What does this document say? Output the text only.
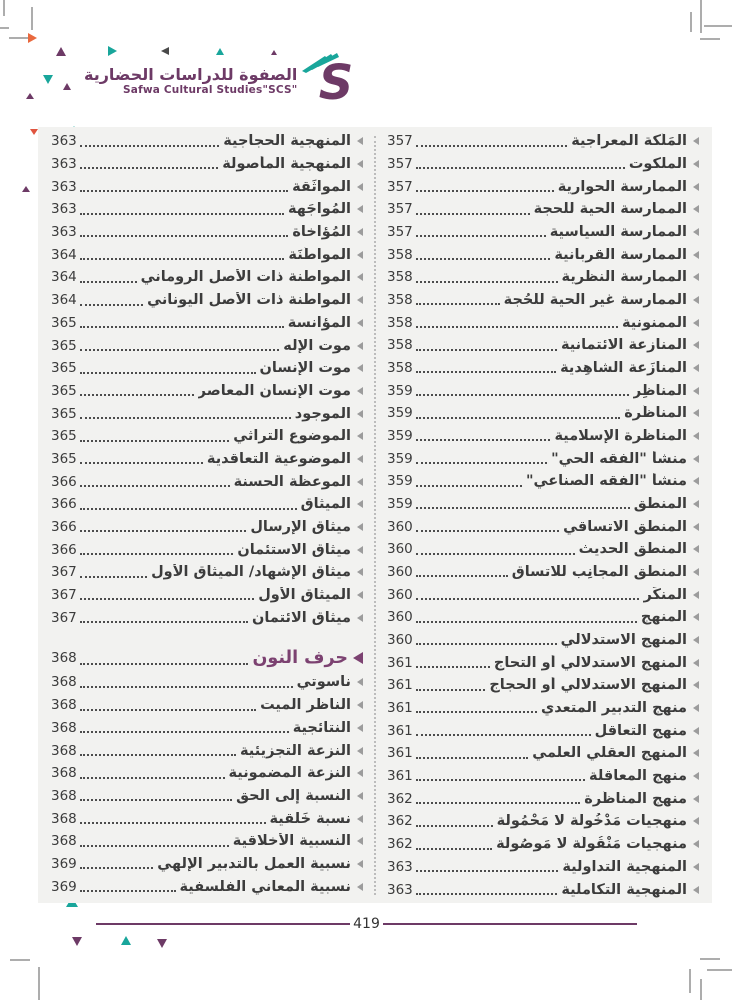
الصفوة للدراسات الحضارية
Safwa Cultural Studies"SCS" S
المَلَكة المعراجية
357
الملكوت
357
الممارسة الحوارية
357
الممارسة الحية للحجة
357
الممارسة السياسية
357
الممارسة القربانية
358
الممارسة النظرية
358
الممارسة غير الحية للحُجة
358
الممنونية
358
المنازعة الائتمانية
358
المنازَعة الشاهِدية
358
المناظِر
359
المناظَرة
359
المناظرة الإسلامية
359
منشأ "الفقه الحي"
359
منشأ "الفقه الصناعي"
359
المنطق
359
المنطق الاتساقي
360
المنطق الحديث
360
المنطق المجانِب للاتساق
360
المنكَر
360
المنهج
360
المنهج الاستدلالي
360
المنهج الاستدلالي أو التحاج
361
المنهج الاستدلالي أو الحجاج
361
منهج التدبير المتعدي
361
منهج التعاقل
361
المنهج العقلي العلمي
361
منهج المعاقلة
361
منهج المناظَرة
362
منهجيات مَدْخُولة لا مَحْمُولة
362
منهجيات مَنْقُولَة لا مَوصُولة
362
المنهجية التداولية
363
المنهجية التكاملية
363
المنهجية الحجاجية
363
المنهجية المأصولة
363
المواثَقة
363
المُواجَهة
363
المُؤاخاة
363
المواطَنَة
364
المواطنة ذات الأصل الروماني
364
المواطنة ذات الأصل اليوناني
364
المؤانسة
365
موت الإله
365
موت الإنسان
365
موت الإنسان المعاصر
365
الموجود
365
الموضوع التراثي
365
الموضوعية التعاقدية
365
الموعظة الحسنة
366
الميثاق
366
ميثاق الإرسال
366
ميثاق الاستئمان
366
ميثاق الإشهاد/ الميثاق الأول
367
الميثاق الأول
367
ميثاق الائتمان
367
حرف النون
368
ناسوتي
368
الناظر الميت
368
النتائجية
368
النزعة التجزيئية
368
النزعة المضمونية
368
النسبة إلى الحق
368
نسبة خَلْقية
368
النسبية الأخلاقية
368
نسبية العمل بالتدبير الإلهي
369
نسبية المعاني الفلسفية
369
419
